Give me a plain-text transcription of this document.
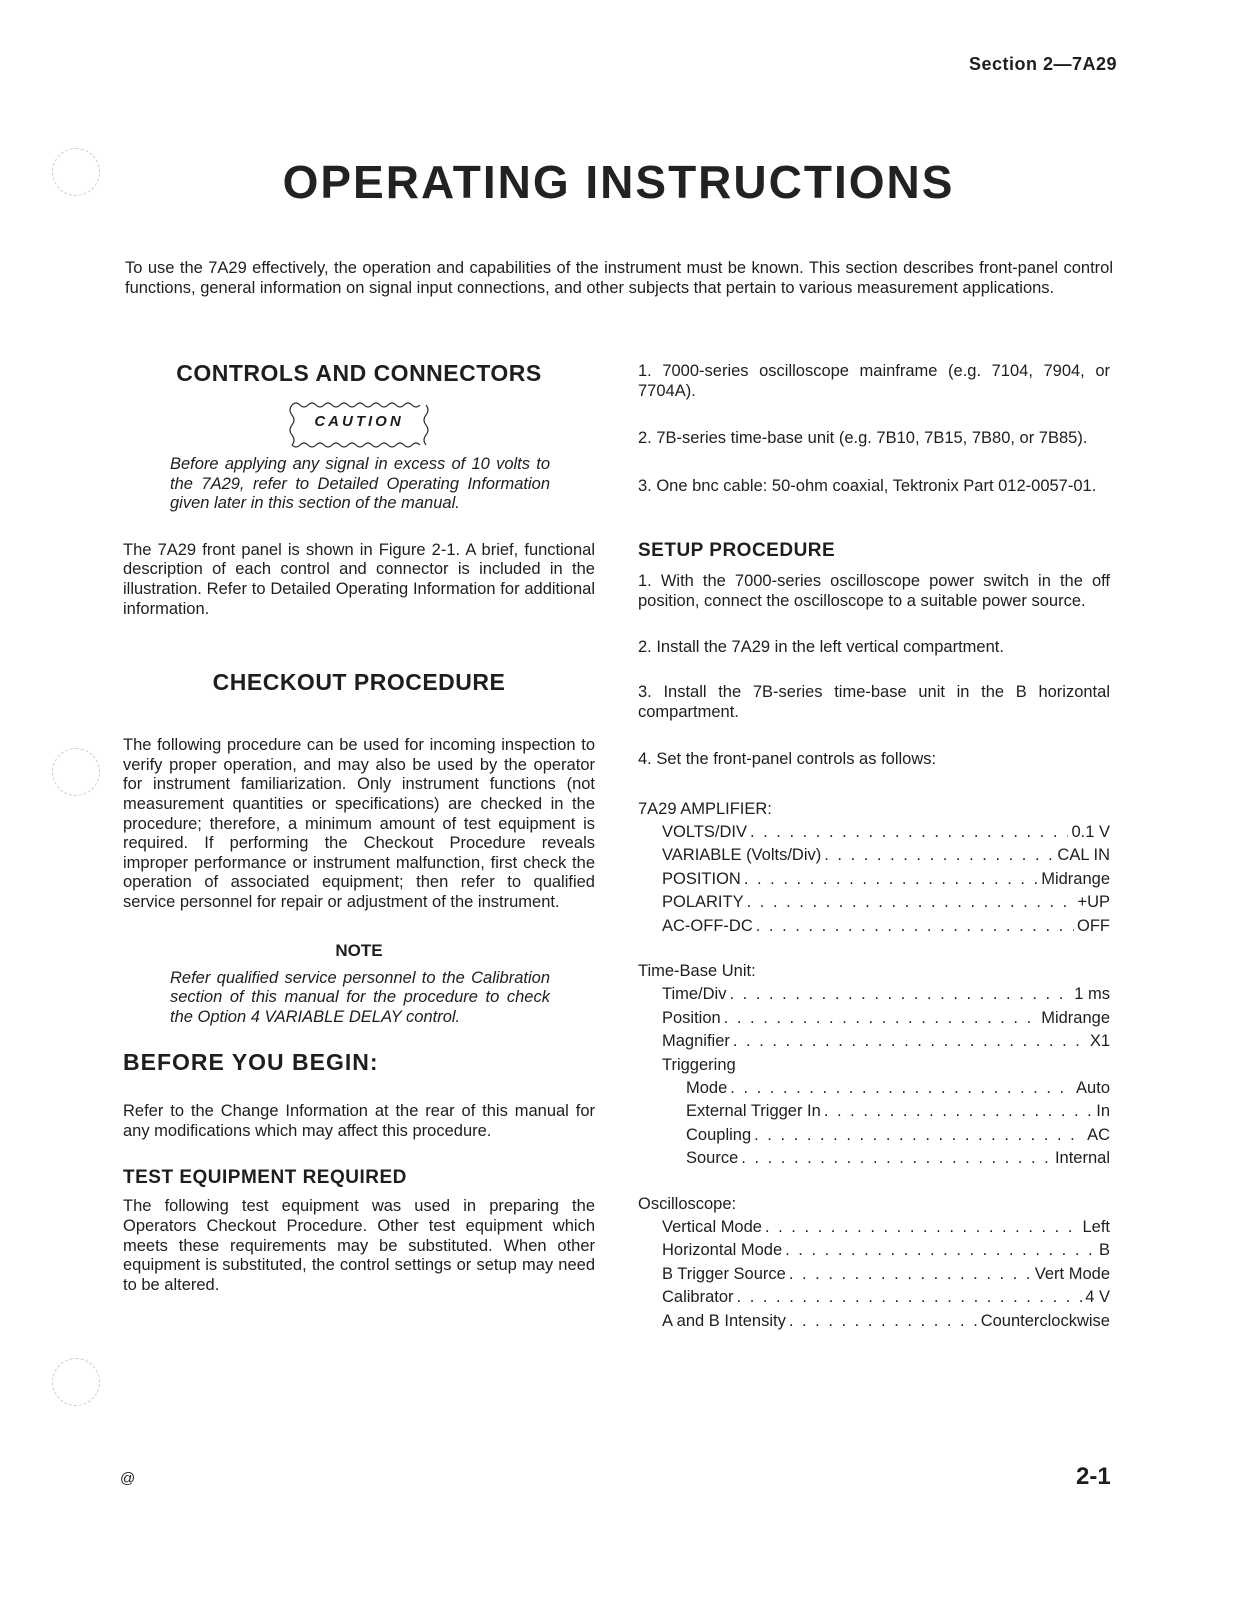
Section 2—7A29
OPERATING INSTRUCTIONS

To use the 7A29 effectively, the operation and capabilities of the instrument must be known. This section describes front-panel control functions, general information on signal input connections, and other subjects that pertain to various measurement applications.

CONTROLS AND CONNECTORS
CAUTION

Before applying any signal in excess of 10 volts to the 7A29, refer to Detailed Operating Information given later in this section of the manual.

The 7A29 front panel is shown in Figure 2-1. A brief, functional description of each control and connector is included in the illustration. Refer to Detailed Operating Information for additional information.

CHECKOUT PROCEDURE

The following procedure can be used for incoming inspection to verify proper operation, and may also be used by the operator for instrument familiarization. Only instrument functions (not measurement quantities or specifications) are checked in the procedure; therefore, a minimum amount of test equipment is required. If performing the Checkout Procedure reveals improper performance or instrument malfunction, first check the operation of associated equipment; then refer to qualified service personnel for repair or adjustment of the instrument.

NOTE

Refer qualified service personnel to the Calibration section of this manual for the procedure to check the Option 4 VARIABLE DELAY control.

BEFORE YOU BEGIN:

Refer to the Change Information at the rear of this manual for any modifications which may affect this procedure.

TEST EQUIPMENT REQUIRED

The following test equipment was used in preparing the Operators Checkout Procedure. Other test equipment which meets these requirements may be substituted. When other equipment is substituted, the control settings or setup may need to be altered.

1. 7000-series oscilloscope mainframe (e.g. 7104, 7904, or 7704A).

2. 7B-series time-base unit (e.g. 7B10, 7B15, 7B80, or 7B85).

3. One bnc cable: 50-ohm coaxial, Tektronix Part 012-0057-01.

SETUP PROCEDURE

1. With the 7000-series oscilloscope power switch in the off position, connect the oscilloscope to a suitable power source.

2. Install the 7A29 in the left vertical compartment.

3. Install the 7B-series time-base unit in the B horizontal compartment.

4. Set the front-panel controls as follows:

7A29 AMPLIFIER:
VOLTS/DIV . . .	0.1 V
VARIABLE (Volts/Div) . . .	CAL IN
POSITION . . .	Midrange
POLARITY . . .	+UP
AC-OFF-DC . . .	OFF
Time-Base Unit:
Time/Div . . .	1 ms
Position . . .	Midrange
Magnifier . . .	X1
Triggering
Mode . . .	Auto
External Trigger In . . .	In
Coupling . . .	AC
Source . . .	Internal
Oscilloscope:
Vertical Mode . . .	Left
Horizontal Mode . . .	B
B Trigger Source . . .	Vert Mode
Calibrator . . .	4 V
A and B Intensity . . .	Counterclockwise
@	2-1
